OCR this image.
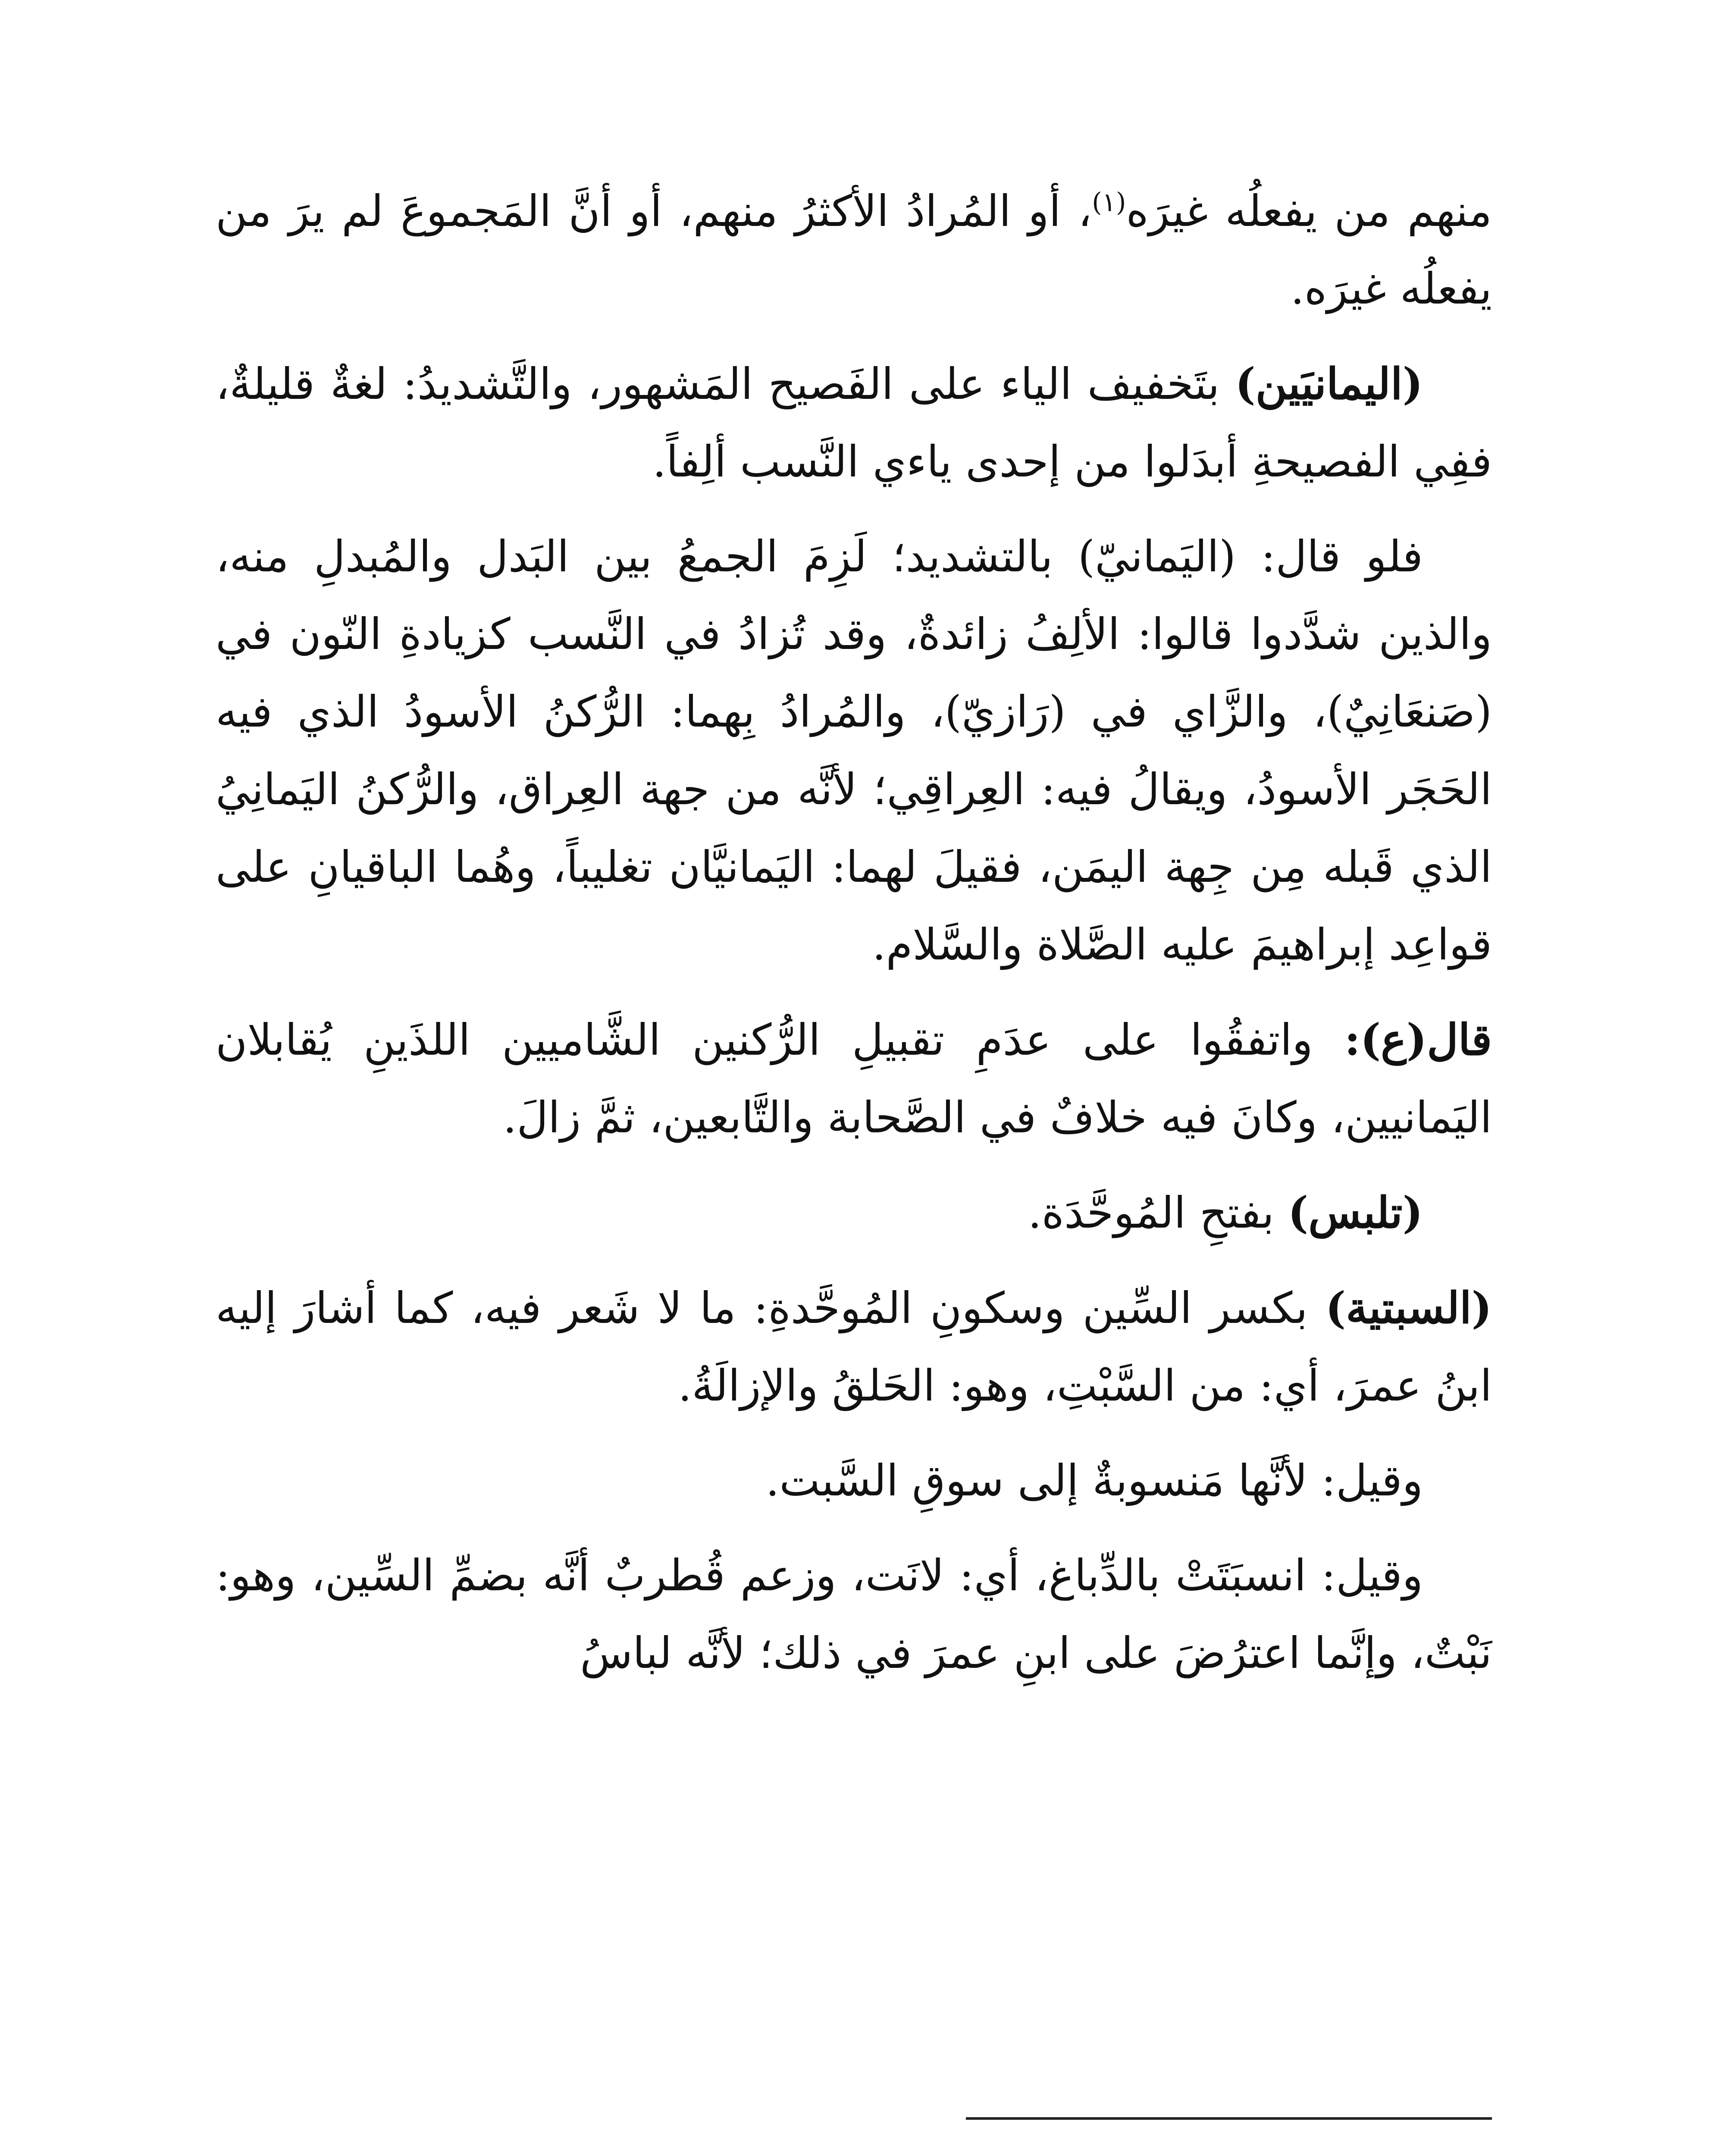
منهم من يفعلُه غيرَه$^{(١)}$، أو المُرادُ الأكثرُ منهم، أو أنَّ المَجموعَ لم يرَ من يفعلُه غيرَه.

(اليمانيَين) بتَخفيف الياء على الفَصيح المَشهور، والتَّشديدُ: لغةٌ قليلةٌ، ففِي الفصيحةِ أبدَلوا من إحدى ياءي النَّسب ألِفاً.

فلو قال: (اليَمانيّ) بالتشديد؛ لَزِمَ الجمعُ بين البَدل والمُبدلِ منه، والذين شدَّدوا قالوا: الألِفُ زائدةٌ، وقد تُزادُ في النَّسب كزيادةِ النّون في (صَنعَانِيٌ)، والزَّاي في (رَازيّ)، والمُرادُ بِهما: الرُّكنُ الأسودُ الذي فيه الحَجَر الأسودُ، ويقالُ فيه: العِراقِي؛ لأنَّه من جهة العِراق، والرُّكنُ اليَمانِيُ الذي قَبله مِن جِهة اليمَن، فقيلَ لهما: اليَمانيَّان تغليباً، وهُما الباقيانِ على قواعِد إبراهيمَ عليه الصَّلاة والسَّلام.

قال(ع): واتفقُوا على عدَمِ تقبيلِ الرُّكنين الشَّاميين اللذَينِ يُقابلان اليَمانيين، وكانَ فيه خلافٌ في الصَّحابة والتَّابعين، ثمَّ زالَ.

(تلبس) بفتحِ المُوحَّدَة.

(السبتية) بكسر السِّين وسكونِ المُوحَّدةِ: ما لا شَعر فيه، كما أشارَ إليه ابنُ عمرَ، أي: من السَّبْتِ، وهو: الحَلقُ والإزالَةُ.

وقيل: لأنَّها مَنسوبةٌ إلى سوقِ السَّبت.

وقيل: انسبَتَتْ بالدِّباغ، أي: لانَت، وزعم قُطربٌ أنَّه بضمِّ السِّين، وهو: نَبْتٌ، وإنَّما اعترُضَ على ابنِ عمرَ في ذلك؛ لأنَّه لباسُ
